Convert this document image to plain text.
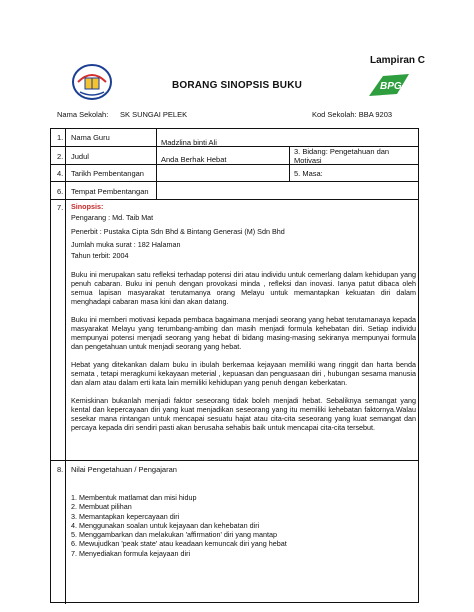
Lampiran C
BPG
BORANG SINOPSIS BUKU
Nama Sekolah: SK SUNGAI PELEK	Kod Sekolah: BBA 9203
1. Nama Guru
Madzlina binti Ali
2. Judul	Anda Berhak Hebat
3. Bidang: Pengetahuan dan Motivasi
4. Tarikh Pembentangan	5. Masa:
6. Tempat Pembentangan
7. Sinopsis:

Pengarang : Md. Taib Mat

Penerbit : Pustaka Cipta Sdn Bhd & Bintang Generasi (M) Sdn Bhd

Jumlah muka surat : 182 Halaman

Tahun terbit: 2004

Buku ini merupakan satu refleksi terhadap potensi diri atau individu untuk cemerlang dalam kehidupan yang penuh cabaran. Buku ini penuh dengan provokasi minda , refleksi dan inovasi. Ianya patut dibaca oleh semua lapisan masyarakat terutamanya orang Melayu untuk memantapkan kekuatan diri dalam menghadapi cabaran masa kini dan akan datang.

Buku ini memberi motivasi kepada pembaca bagaimana menjadi seorang yang hebat terutamanaya kepada masyarakat Melayu yang terumbang-ambing dan masih menjadi formula kehebatan diri. Setiap individu mempunyai potensi menjadi seorang yang hebat di bidang masing-masing sekiranya mempunyai formula dan pengetahuan untuk menjadi seorang yang hebat.

Hebat yang ditekankan dalam buku in ibulah berkemaa kejayaan memiliki wang ringgit dan harta benda semata , tetapi meragkumi kekayaan meterial , kepuasan dan penguasaan diri , hubungan sesama manusia dan alam atau dalam erti kata lain memiliki kehidupan yang penuh dengan keberkatan.

Kemiskinan bukanlah menjadi faktor seseorang tidak boleh menjadi hebat. Sebaliknya semangat yang kental dan kepercayaan diri yang kuat menjadikan seseorang yang itu memiliki kehebatan faktornya.Walau sesekar mana rintangan untuk mencapai sesuatu hajat atau cita-cita seseorang yang kuat semangat dan percaya kepada diri sendiri pasti akan berusaha sehabis baik untuk mencapai cita-cita tersebut.

8. Nilai Pengetahuan / Pengajaran
1. Membentuk matlamat dan misi hidup
2. Membuat pilihan
3. Memantapkan kepercayaan diri
4. Menggunakan soalan untuk kejayaan dan kehebatan diri
5. Menggambarkan dan melakukan 'affirmation' diri yang mantap
6. Mewujudkan 'peak state' atau keadaan kemuncak diri yang hebat
7. Menyediakan formula kejayaan diri
